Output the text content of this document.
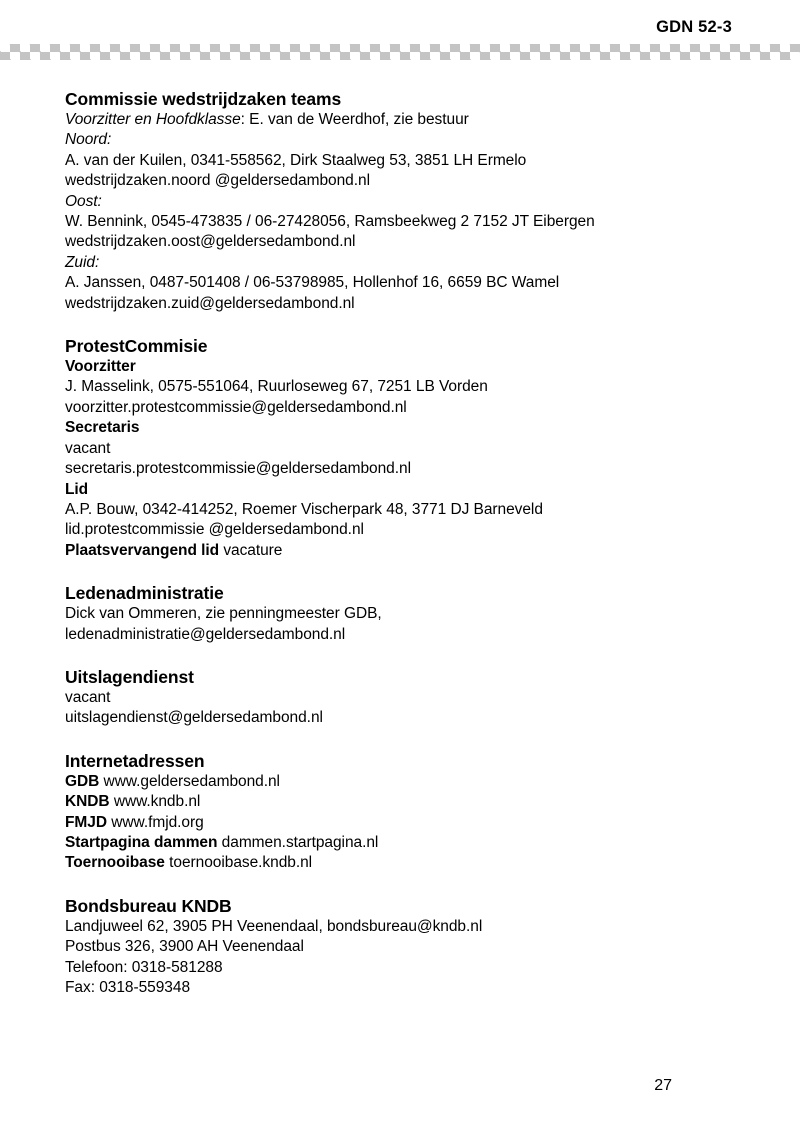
GDN 52-3
Commissie wedstrijdzaken teams
Voorzitter en Hoofdklasse: E. van de Weerdhof, zie bestuur
Noord:
A. van der Kuilen, 0341-558562, Dirk Staalweg 53, 3851 LH Ermelo
wedstrijdzaken.noord @geldersedambond.nl
Oost:
W. Bennink, 0545-473835 / 06-27428056, Ramsbeekweg 2 7152 JT Eibergen
wedstrijdzaken.oost@geldersedambond.nl
Zuid:
A. Janssen, 0487-501408 / 06-53798985, Hollenhof 16, 6659 BC Wamel
wedstrijdzaken.zuid@geldersedambond.nl
ProtestCommisie
Voorzitter
J. Masselink, 0575-551064, Ruurloseweg 67, 7251 LB Vorden
voorzitter.protestcommissie@geldersedambond.nl
Secretaris
vacant
secretaris.protestcommissie@geldersedambond.nl
Lid
A.P. Bouw, 0342-414252, Roemer Vischerpark 48, 3771 DJ Barneveld
lid.protestcommissie @geldersedambond.nl
Plaatsvervangend lid vacature
Ledenadministratie
Dick van Ommeren, zie penningmeester GDB,
ledenadministratie@geldersedambond.nl
Uitslagendienst
vacant
uitslagendienst@geldersedambond.nl
Internetadressen
GDB www.geldersedambond.nl
KNDB www.kndb.nl
FMJD www.fmjd.org
Startpagina dammen dammen.startpagina.nl
Toernooibase toernooibase.kndb.nl
Bondsbureau KNDB
Landjuweel 62, 3905 PH Veenendaal, bondsbureau@kndb.nl
Postbus 326, 3900 AH Veenendaal
Telefoon: 0318-581288
Fax: 0318-559348
27
